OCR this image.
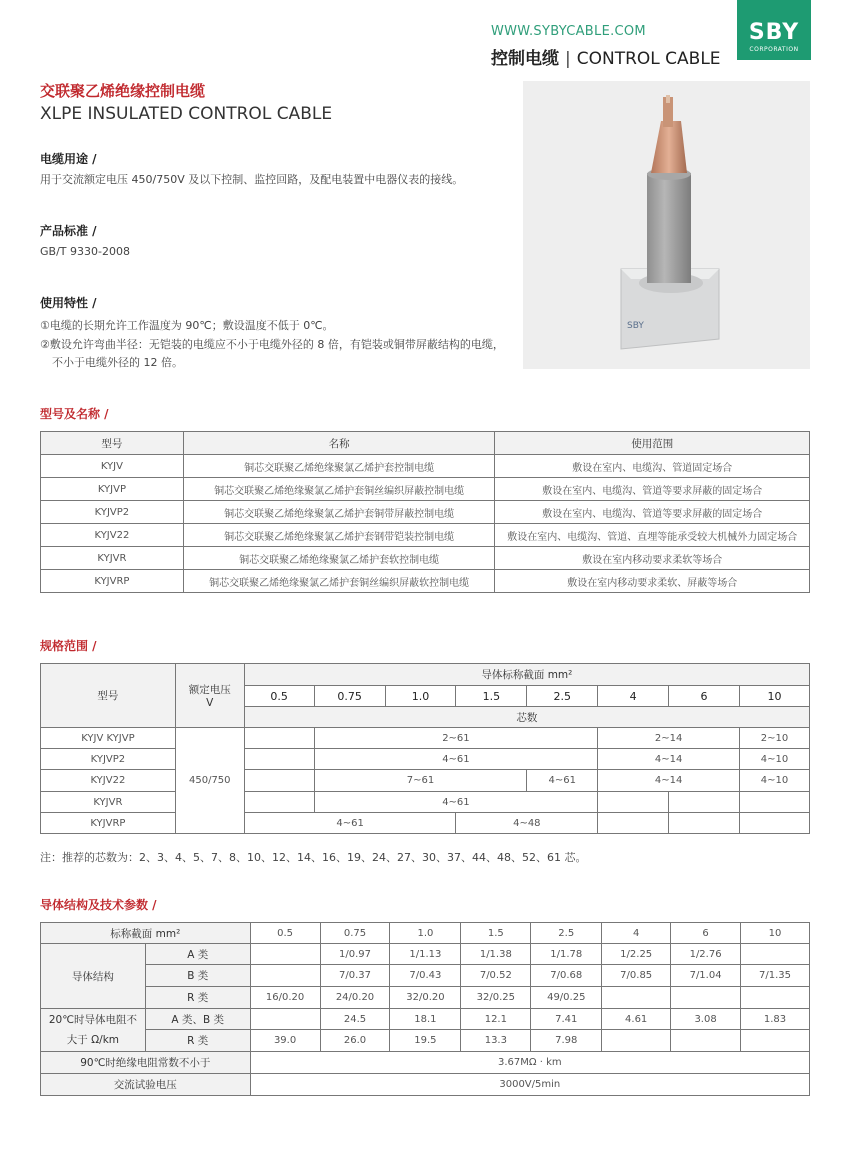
WWW.SYBYCABLE.COM
控制电缆 | CONTROL CABLE
SBY
CORPORATION
交联聚乙烯绝缘控制电缆
XLPE INSULATED CONTROL CABLE
电缆用途 /
用于交流额定电压 450/750V 及以下控制、监控回路，及配电装置中电器仪表的接线。
产品标准 /
GB/T 9330-2008
使用特性 /
①电缆的长期允许工作温度为 90℃；敷设温度不低于 0℃。
②敷设允许弯曲半径：无铠装的电缆应不小于电缆外径的 8 倍，有铠装或铜带屏蔽结构的电缆，
不小于电缆外径的 12 倍。
SBY
型号及名称 /
型号	名称	使用范围
KYJV	铜芯交联聚乙烯绝缘聚氯乙烯护套控制电缆	敷设在室内、电缆沟、管道固定场合
KYJVP	铜芯交联聚乙烯绝缘聚氯乙烯护套铜丝编织屏蔽控制电缆	敷设在室内、电缆沟、管道等要求屏蔽的固定场合
KYJVP2	铜芯交联聚乙烯绝缘聚氯乙烯护套铜带屏蔽控制电缆	敷设在室内、电缆沟、管道等要求屏蔽的固定场合
KYJV22	铜芯交联聚乙烯绝缘聚氯乙烯护套钢带铠装控制电缆	敷设在室内、电缆沟、管道、直埋等能承受较大机械外力固定场合
KYJVR	铜芯交联聚乙烯绝缘聚氯乙烯护套软控制电缆	敷设在室内移动要求柔软等场合
KYJVRP	铜芯交联聚乙烯绝缘聚氯乙烯护套铜丝编织屏蔽软控制电缆	敷设在室内移动要求柔软、屏蔽等场合
规格范围 /
型号	额定电压
V	导体标称截面 mm²							
		0.5	0.75	1.0	1.5	2.5	4	6	10
		芯数							
KYJV KYJVP	450/750		2~61				2~14		2~10
KYJVP2			4~61				4~14		4~10
KYJV22			7~61			4~61	4~14		4~10
KYJVR			4~61						
KYJVRP		4~61			4~48				
注：推荐的芯数为：2、3、4、5、7、8、10、12、14、16、19、24、27、30、37、44、48、52、61 芯。
导体结构及技术参数 /
标称截面 mm²		0.5	0.75	1.0	1.5	2.5	4	6	10
导体结构	A 类		1/0.97	1/1.13	1/1.38	1/1.78	1/2.25	1/2.76	
	B 类		7/0.37	7/0.43	7/0.52	7/0.68	7/0.85	7/1.04	7/1.35
	R 类	16/0.20	24/0.20	32/0.20	32/0.25	49/0.25			
20℃时导体电阻不
大于 Ω/km	A 类、B 类		24.5	18.1	12.1	7.41	4.61	3.08	1.83
	R 类	39.0	26.0	19.5	13.3	7.98			
90℃时绝缘电阻常数不小于		3.67MΩ · km							
交流试验电压		3000V/5min							
